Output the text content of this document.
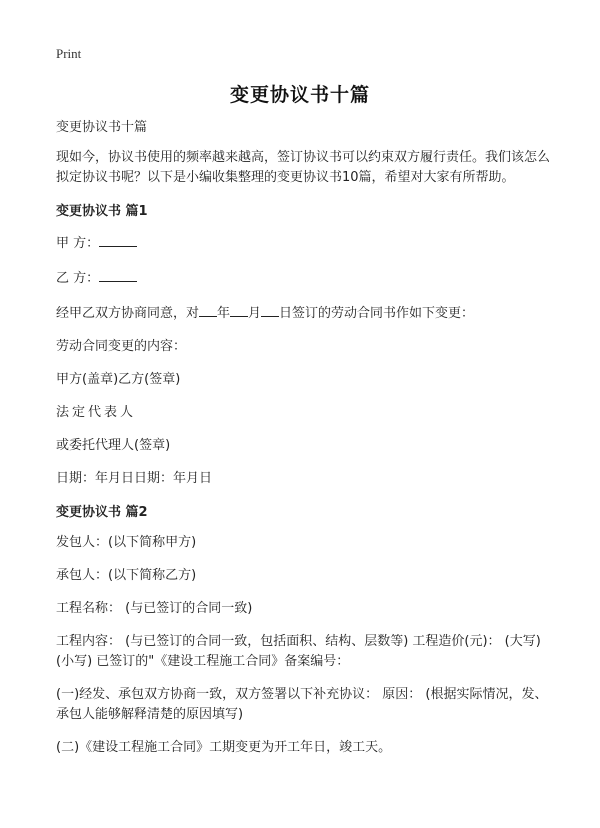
Print
变更协议书十篇

变更协议书十篇

现如今，协议书使用的频率越来越高，签订协议书可以约束双方履行责任。我们该怎么拟定协议书呢？以下是小编收集整理的变更协议书10篇，希望对大家有所帮助。

变更协议书 篇1

甲 方：

乙 方：

经甲乙双方协商同意，对 年 月 日签订的劳动合同书作如下变更：

劳动合同变更的内容：

甲方(盖章)乙方(签章)

法定代表人

或委托代理人(签章)

日期：年月日日期：年月日

变更协议书 篇2

发包人：(以下简称甲方)

承包人：(以下简称乙方)

工程名称： (与已签订的合同一致)

工程内容： (与已签订的合同一致，包括面积、结构、层数等) 工程造价(元)： (大写) (小写) 已签订的"《建设工程施工合同》备案编号：

(一)经发、承包双方协商一致，双方签署以下补充协议： 原因： (根据实际情况，发、承包人能够解释清楚的原因填写)

(二)《建设工程施工合同》工期变更为开工年日，竣工天。
